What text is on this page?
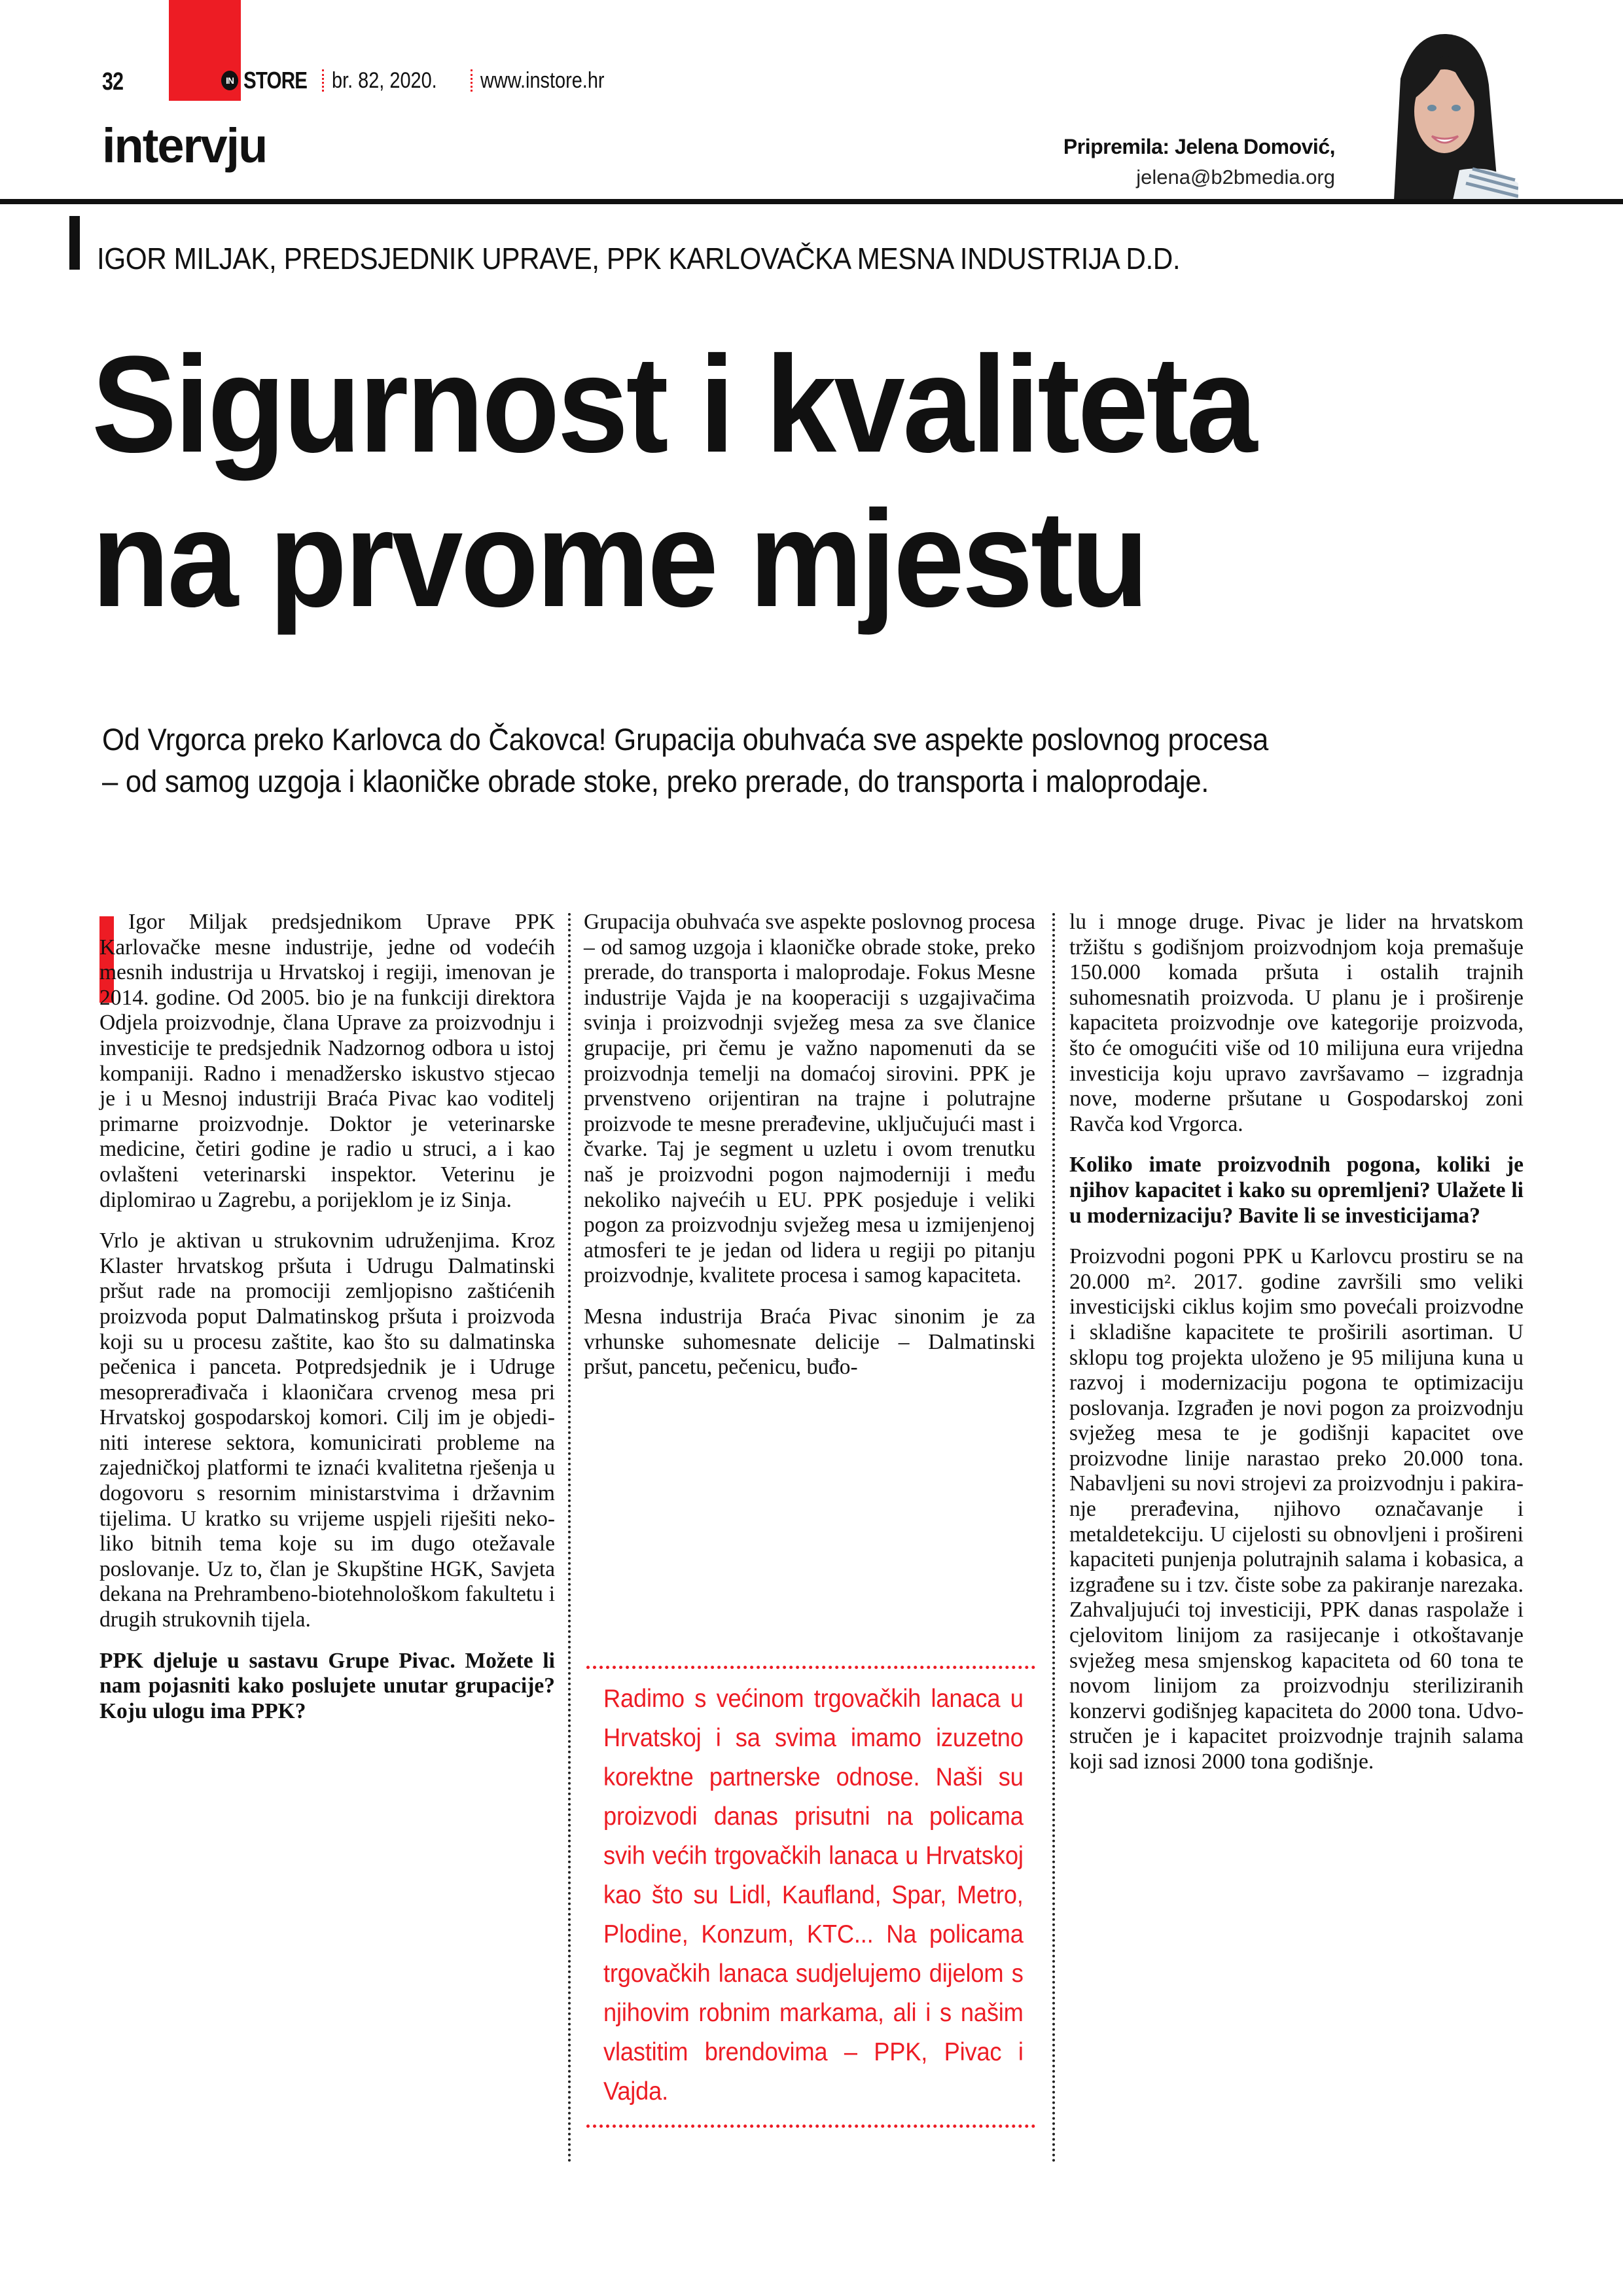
32	IN STORE br. 82, 2020. www.instore.hr
intervju	Pripremila: Jelena Domović,
jelena@b2bmedia.org
IGOR MILJAK, PREDSJEDNIK UPRAVE, PPK KARLOVAČKA MESNA INDUSTRIJA D.D.
Sigurnost i kvaliteta
na prvome mjestu

Od Vrgorca preko Karlovca do Čakovca! Grupacija obuhvaća sve aspekte poslovnog procesa

– od samog uzgoja i klaoničke obrade stoke, preko prerade, do transporta i maloprodaje.

Igor Miljak predsjednikom Uprave PPK Karlovačke mesne industrije, jedne od vodećih mesnih industrija u Hrvatskoj i regiji, imenovan je 2014. godine. Od 2005. bio je na funkciji direktora Odjela proizvodnje, člana Uprave za proizvodnju i investicije te predsjednik Nadzornog odbora u istoj kompaniji. Radno i menadžersko iskustvo stjecao je i u Mesnoj industriji Braća Pivac kao voditelj primarne proizvodnje. Doktor je veterinarske medicine, četiri godine je radio u struci, a i kao ovlašteni veterinarski inspektor. Veterinu je diplomirao u Zagrebu, a porijeklom je iz Sinja.

Vrlo je aktivan u strukovnim udruženjima. Kroz Klaster hrvatskog pršuta i Udrugu Dalmatinski pršut rade na promociji zemljopisno zaštićenih proizvoda poput Dalmatinskog pršuta i proizvoda koji su u procesu zaštite, kao što su dalmatinska pečenica i panceta. Potpredsjednik je i Udruge mesoprerađivača i klaoničara crvenog mesa pri Hrvatskoj gospodarskoj komori. Cilj im je objediniti interese sektora, komunicirati probleme na zajedničkoj platformi te iznaći kvalitetna rješenja u dogovoru s resornim ministarstvima i državnim tijelima. U kratko su vrijeme uspjeli riješiti nekoliko bitnih tema koje su im dugo otežavale poslovanje. Uz to, član je Skupštine HGK, Savjeta dekana na Prehrambeno-biotehnološkom fakultetu i drugih strukovnih tijela.

PPK djeluje u sastavu Grupe Pivac. Možete li nam pojasniti kako poslujete unutar grupacije? Koju ulogu ima PPK?

Grupacija obuhvaća sve aspekte poslovnog procesa – od samog uzgoja i klaoničke obrade stoke, preko prerade, do transporta i maloprodaje. Fokus Mesne industrije Vajda je na kooperaciji s uzgajivačima svinja i proizvodnji svježeg mesa za sve članice grupacije, pri čemu je važno napomenuti da se proizvodnja temelji na domaćoj sirovini. PPK je prvenstveno orijentiran na trajne i polutrajne proizvode te mesne prerađevine, uključujući mast i čvarke. Taj je segment u uzletu i ovom trenutku naš je proizvodni pogon najmoderniji i među nekoliko najvećih u EU. PPK posjeduje i veliki pogon za proizvodnju svježeg mesa u izmijenjenoj atmosferi te je jedan od lidera u regiji po pitanju proizvodnje, kvalitete procesa i samog kapaciteta.

Mesna industrija Braća Pivac sinonim je za vrhunske suhomesnate delicije – Dalmatinski pršut, pancetu, pečenicu, buđo-

Radimo s većinom trgovačkih lanaca u Hrvatskoj i sa svima imamo izuzetno korektne partnerske odnose. Naši su proizvodi danas prisutni na policama svih većih trgovačkih lanaca u Hrvatskoj kao što su Lidl, Kaufland, Spar, Metro, Plodine, Konzum, KTC... Na policama trgovačkih lanaca sudjelujemo dijelom s njihovim robnim markama, ali i s našim vlastitim brendovima – PPK, Pivac i Vajda.

lu i mnoge druge. Pivac je lider na hrvatskom tržištu s godišnjom proizvodnjom koja premašuje 150.000 komada pršuta i ostalih trajnih suhomesnatih proizvoda. U planu je i proširenje kapaciteta proizvodnje ove kategorije proizvoda, što će omogućiti više od 10 milijuna eura vrijedna investicija koju upravo završavamo – izgradnja nove, moderne pršutane u Gospodarskoj zoni Ravča kod Vrgorca.

Koliko imate proizvodnih pogona, koliki je njihov kapacitet i kako su opremljeni? Ulažete li u modernizaciju? Bavite li se investicijama?

Proizvodni pogoni PPK u Karlovcu prostiru se na 20.000 m². 2017. godine završili smo veliki investicijski ciklus kojim smo povećali proizvodne i skladišne kapacitete te proširili asortiman. U sklopu tog projekta uloženo je 95 milijuna kuna u razvoj i modernizaciju pogona te optimizaciju poslovanja. Izgrađen je novi pogon za proizvodnju svježeg mesa te je godišnji kapacitet ove proizvodne linije narastao preko 20.000 tona. Nabavljeni su novi strojevi za proizvodnju i pakiranje prerađevina, njihovo označavanje i metaldetekciju. U cijelosti su obnovljeni i prošireni kapaciteti punjenja polutrajnih salama i kobasica, a izgrađene su i tzv. čiste sobe za pakiranje narezaka. Zahvaljujući toj investiciji, PPK danas raspolaže i cjelovitom linijom za rasijecanje i otkoštavanje svježeg mesa smjenskog kapaciteta od 60 tona te novom linijom za proizvodnju steriliziranih konzervi godišnjeg kapaciteta do 2000 tona. Udvostručen je i kapacitet proizvodnje trajnih salama koji sad iznosi 2000 tona godišnje.
